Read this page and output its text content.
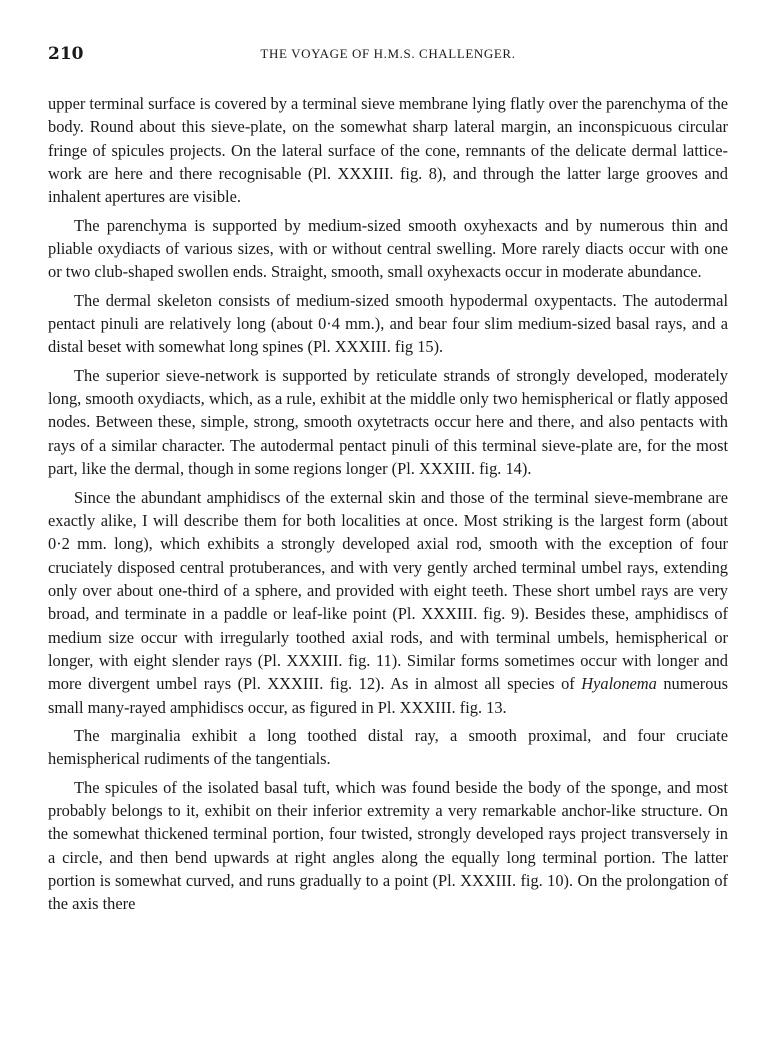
210	THE VOYAGE OF H.M.S. CHALLENGER.

upper terminal surface is covered by a terminal sieve membrane lying flatly over the parenchyma of the body. Round about this sieve-plate, on the somewhat sharp lateral margin, an inconspicuous circular fringe of spicules projects. On the lateral surface of the cone, remnants of the delicate dermal lattice-work are here and there recognisable (Pl. XXXIII. fig. 8), and through the latter large grooves and inhalent apertures are visible.

The parenchyma is supported by medium-sized smooth oxyhexacts and by numerous thin and pliable oxydiacts of various sizes, with or without central swelling. More rarely diacts occur with one or two club-shaped swollen ends. Straight, smooth, small oxyhexacts occur in moderate abundance.

The dermal skeleton consists of medium-sized smooth hypodermal oxypentacts. The autodermal pentact pinuli are relatively long (about 0·4 mm.), and bear four slim medium-sized basal rays, and a distal beset with somewhat long spines (Pl. XXXIII. fig 15).

The superior sieve-network is supported by reticulate strands of strongly developed, moderately long, smooth oxydiacts, which, as a rule, exhibit at the middle only two hemispherical or flatly apposed nodes. Between these, simple, strong, smooth oxytetracts occur here and there, and also pentacts with rays of a similar character. The autodermal pentact pinuli of this terminal sieve-plate are, for the most part, like the dermal, though in some regions longer (Pl. XXXIII. fig. 14).

Since the abundant amphidiscs of the external skin and those of the terminal sieve-membrane are exactly alike, I will describe them for both localities at once. Most striking is the largest form (about 0·2 mm. long), which exhibits a strongly developed axial rod, smooth with the exception of four cruciately disposed central protuberances, and with very gently arched terminal umbel rays, extending only over about one-third of a sphere, and provided with eight teeth. These short umbel rays are very broad, and terminate in a paddle or leaf-like point (Pl. XXXIII. fig. 9). Besides these, amphidiscs of medium size occur with irregularly toothed axial rods, and with terminal umbels, hemispherical or longer, with eight slender rays (Pl. XXXIII. fig. 11). Similar forms sometimes occur with longer and more divergent umbel rays (Pl. XXXIII. fig. 12). As in almost all species of Hyalonema numerous small many-rayed amphidiscs occur, as figured in Pl. XXXIII. fig. 13.

The marginalia exhibit a long toothed distal ray, a smooth proximal, and four cruciate hemispherical rudiments of the tangentials.

The spicules of the isolated basal tuft, which was found beside the body of the sponge, and most probably belongs to it, exhibit on their inferior extremity a very remarkable anchor-like structure. On the somewhat thickened terminal portion, four twisted, strongly developed rays project transversely in a circle, and then bend upwards at right angles along the equally long terminal portion. The latter portion is somewhat curved, and runs gradually to a point (Pl. XXXIII. fig. 10). On the prolongation of the axis there
